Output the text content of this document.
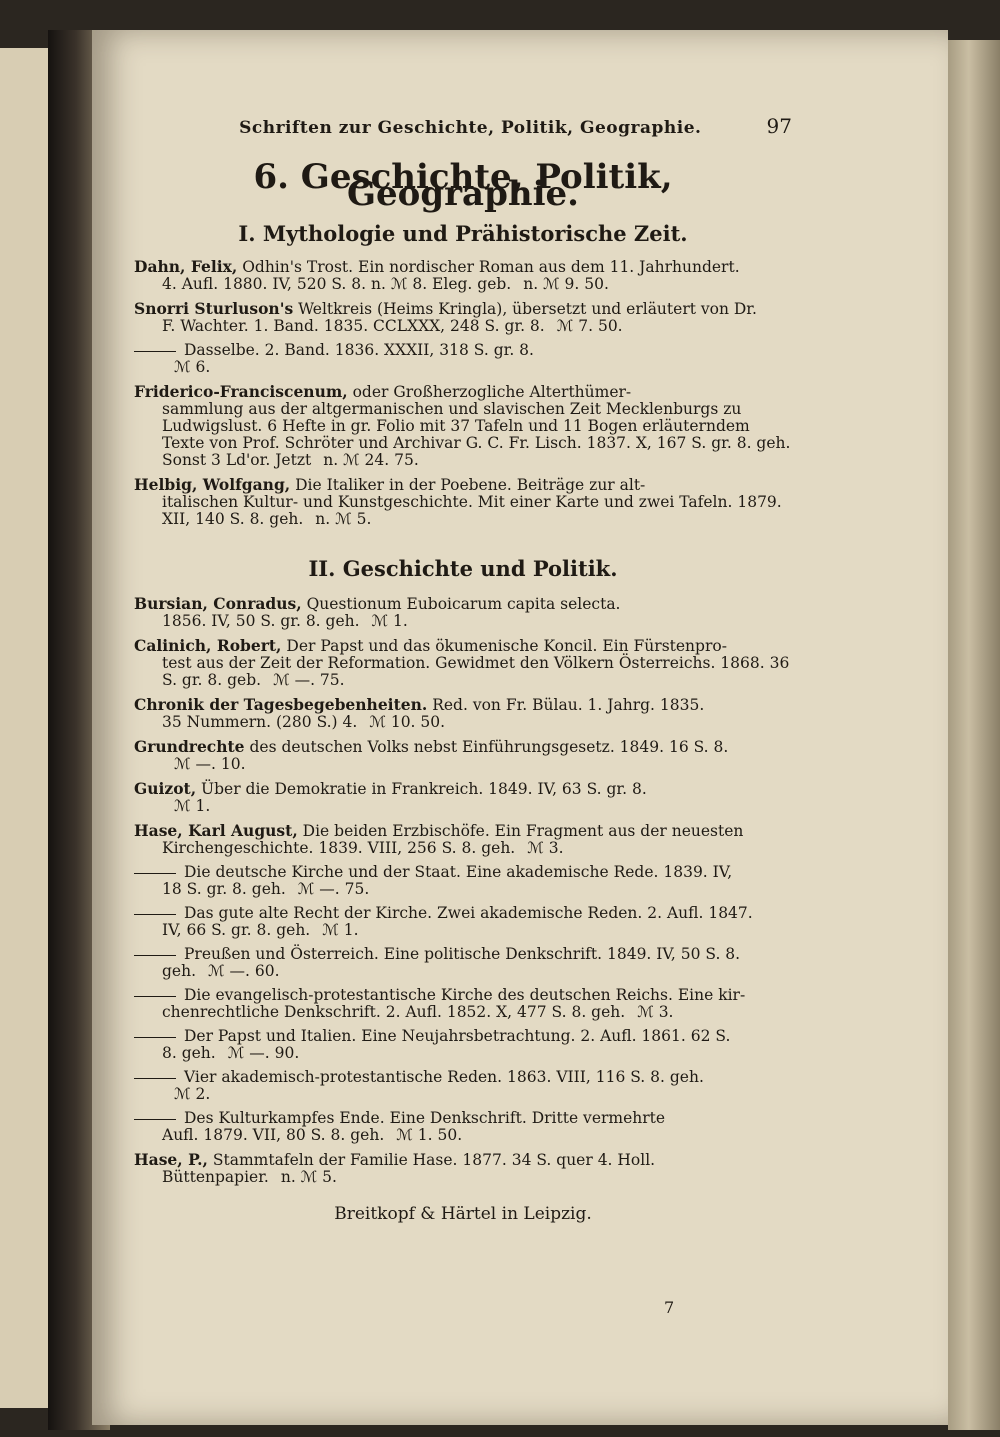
Schriften zur Geschichte, Politik, Geographie.	97
6. Geschichte, Politik, Geographie.
I. Mythologie und Prähistorische Zeit.
Dahn, Felix, Odhin's Trost. Ein nordischer Roman aus dem 11. Jahrhundert.
4. Aufl. 1880. IV, 520 S. 8. n. ℳ 8. Eleg. geb. n. ℳ 9. 50.
Snorri Sturluson's Weltkreis (Heims Kringla), übersetzt und erläutert von Dr.
F. Wachter. 1. Band. 1835. CCLXXX, 248 S. gr. 8. ℳ 7. 50.
Dasselbe. 2. Band. 1836. XXXII, 318 S. gr. 8.
ℳ 6.
Friderico-Franciscenum, oder Großherzogliche Alterthümer-
sammlung aus der altgermanischen und slavischen Zeit Mecklenburgs zu Ludwigslust. 6 Hefte in gr. Folio mit 37 Tafeln und 11 Bogen erläuterndem Texte von Prof. Schröter und Archivar G. C. Fr. Lisch. 1837. X, 167 S. gr. 8. geh. Sonst 3 Ld'or. Jetzt n. ℳ 24. 75.
Helbig, Wolfgang, Die Italiker in der Poebene. Beiträge zur alt-
italischen Kultur- und Kunstgeschichte. Mit einer Karte und zwei Tafeln. 1879. XII, 140 S. 8. geh. n. ℳ 5.
II. Geschichte und Politik.
Bursian, Conradus, Questionum Euboicarum capita selecta.
1856. IV, 50 S. gr. 8. geh. ℳ 1.
Calinich, Robert, Der Papst und das ökumenische Koncil. Ein Fürstenpro-
test aus der Zeit der Reformation. Gewidmet den Völkern Österreichs. 1868. 36 S. gr. 8. geb. ℳ —. 75.
Chronik der Tagesbegebenheiten. Red. von Fr. Bülau. 1. Jahrg. 1835.
35 Nummern. (280 S.) 4. ℳ 10. 50.
Grundrechte des deutschen Volks nebst Einführungsgesetz. 1849. 16 S. 8.
ℳ —. 10.
Guizot, Über die Demokratie in Frankreich. 1849. IV, 63 S. gr. 8.
ℳ 1.
Hase, Karl August, Die beiden Erzbischöfe. Ein Fragment aus der neuesten
Kirchengeschichte. 1839. VIII, 256 S. 8. geh. ℳ 3.
Die deutsche Kirche und der Staat. Eine akademische Rede. 1839. IV,
18 S. gr. 8. geh. ℳ —. 75.
Das gute alte Recht der Kirche. Zwei akademische Reden. 2. Aufl. 1847.
IV, 66 S. gr. 8. geh. ℳ 1.
Preußen und Österreich. Eine politische Denkschrift. 1849. IV, 50 S. 8.
geh. ℳ —. 60.
Die evangelisch-protestantische Kirche des deutschen Reichs. Eine kir-
chenrechtliche Denkschrift. 2. Aufl. 1852. X, 477 S. 8. geh. ℳ 3.
Der Papst und Italien. Eine Neujahrsbetrachtung. 2. Aufl. 1861. 62 S.
8. geh. ℳ —. 90.
Vier akademisch-protestantische Reden. 1863. VIII, 116 S. 8. geh.
ℳ 2.
Des Kulturkampfes Ende. Eine Denkschrift. Dritte vermehrte
Aufl. 1879. VII, 80 S. 8. geh. ℳ 1. 50.
Hase, P., Stammtafeln der Familie Hase. 1877. 34 S. quer 4. Holl.
Büttenpapier. n. ℳ 5.
Breitkopf & Härtel in Leipzig.
7
